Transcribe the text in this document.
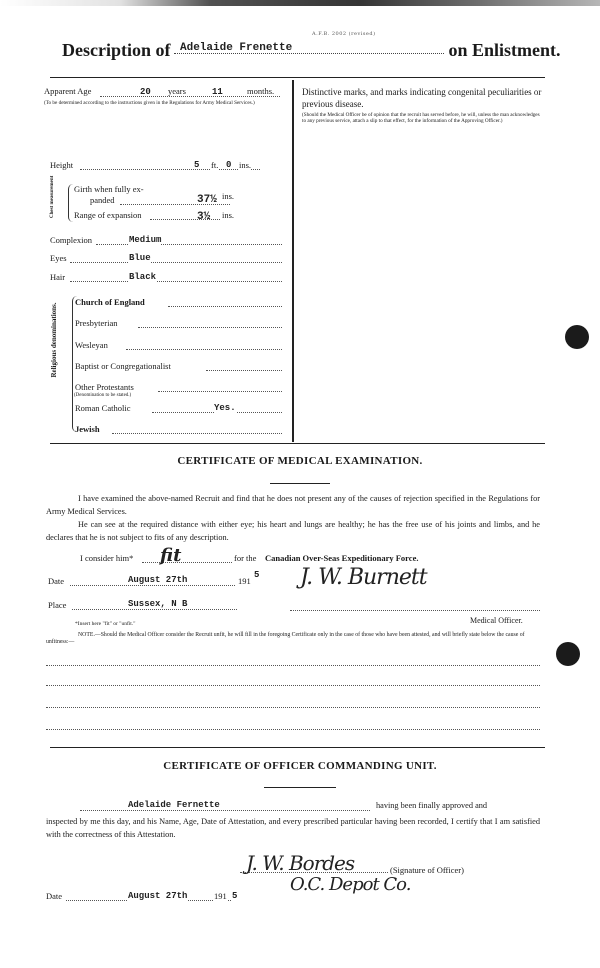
A.F.B. 2002 (revised)
Description of	on Enlistment.
Adelaide Frenette
Apparent Age	20 years	11	months.
(To be determined according to the instructions given in the Regulations for Army Medical Services.)
Height	5 ft. 0 ins.
Chest measurement Girth when fully ex-
panded	37½ ins.
Range of expansion	3½ ins.
Complexion	Medium
Eyes	Blue
Hair	Black
Religious denominations.
Church of England
Presbyterian
Wesleyan
Baptist or Congregationalist
Other Protestants
(Denomination to be stated.)
Roman Catholic	Yes.
Jewish
Distinctive marks, and marks indicating congenital peculiarities or previous disease.
(Should the Medical Officer be of opinion that the recruit has served before, he will, unless the man acknowledges to any previous service, attach a slip to that effect, for the information of the Approving Officer.)
CERTIFICATE OF MEDICAL EXAMINATION.
I have examined the above-named Recruit and find that he does not present any of the causes of rejection specified in the Regulations for Army Medical Services.
He can see at the required distance with either eye; his heart and lungs are healthy; he has the free use of his joints and limbs, and he declares that he is not subject to fits of any description.
I consider him* fit	for the Canadian Over-Seas Expeditionary Force.
Date	August 27th	191
5 J. W. Burnett
Place	Sussex, N B
Medical Officer.
*Insert here "fit" or "unfit."
NOTE.—Should the Medical Officer consider the Recruit unfit, he will fill in the foregoing Certificate only in the case of those who have been attested, and will briefly state below the cause of unfitness:—
CERTIFICATE OF OFFICER COMMANDING UNIT.
Adelaide Fernette	having been finally approved and
inspected by me this day, and his Name, Age, Date of Attestation, and every prescribed particular having been recorded, I certify that I am satisfied with the correctness of this Attestation.
J. W. Bordes
O.C. Depot Co.
(Signature of Officer)
Date	August 27th	191 5
